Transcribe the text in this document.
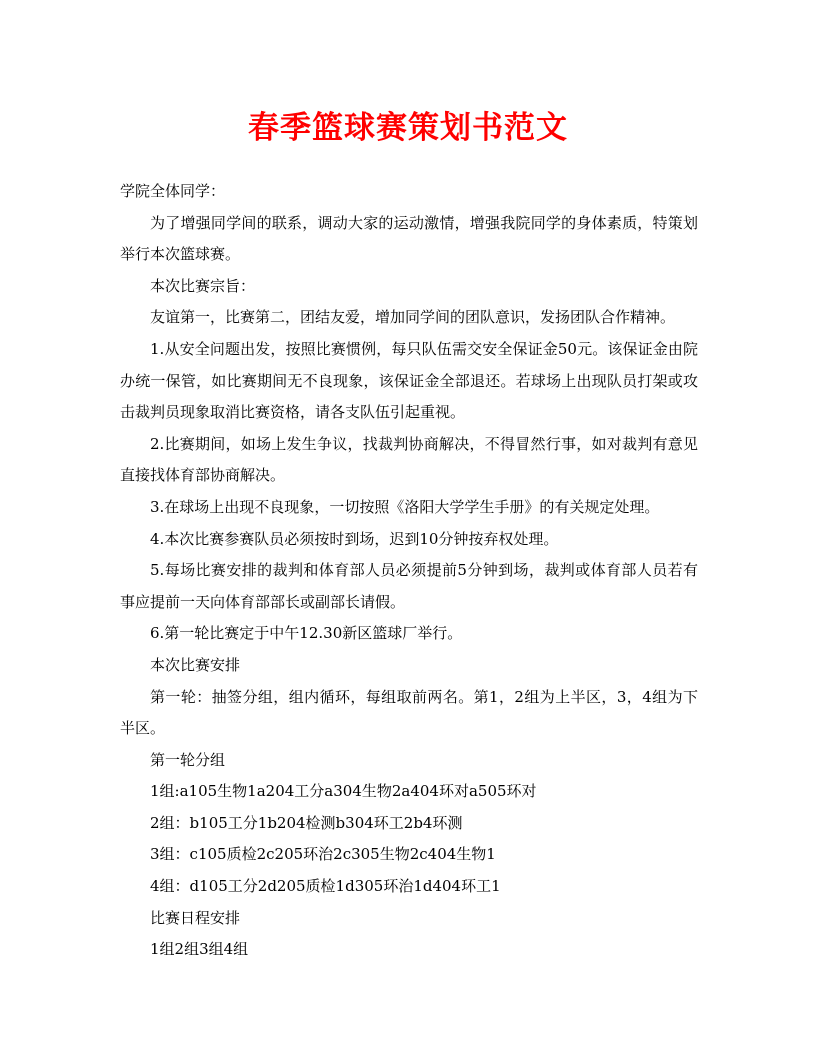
春季篮球赛策划书范文

学院全体同学：

为了增强同学间的联系，调动大家的运动激情，增强我院同学的身体素质，特策划举行本次篮球赛。

本次比赛宗旨：

友谊第一，比赛第二，团结友爱，增加同学间的团队意识，发扬团队合作精神。

1.从安全问题出发，按照比赛惯例，每只队伍需交安全保证金50元。该保证金由院办统一保管，如比赛期间无不良现象，该保证金全部退还。若球场上出现队员打架或攻击裁判员现象取消比赛资格，请各支队伍引起重视。

2.比赛期间，如场上发生争议，找裁判协商解决，不得冒然行事，如对裁判有意见直接找体育部协商解决。

3.在球场上出现不良现象，一切按照《洛阳大学学生手册》的有关规定处理。

4.本次比赛参赛队员必须按时到场，迟到10分钟按弃权处理。

5.每场比赛安排的裁判和体育部人员必须提前5分钟到场，裁判或体育部人员若有事应提前一天向体育部部长或副部长请假。

6.第一轮比赛定于中午12.30新区篮球厂举行。

本次比赛安排

第一轮：抽签分组，组内循环，每组取前两名。第1，2组为上半区，3，4组为下半区。

第一轮分组

1组:a105生物1a204工分a304生物2a404环对a505环对

2组：b105工分1b204检测b304环工2b4环测

3组：c105质检2c205环治2c305生物2c404生物1

4组：d105工分2d205质检1d305环治1d404环工1

比赛日程安排

1组2组3组4组
